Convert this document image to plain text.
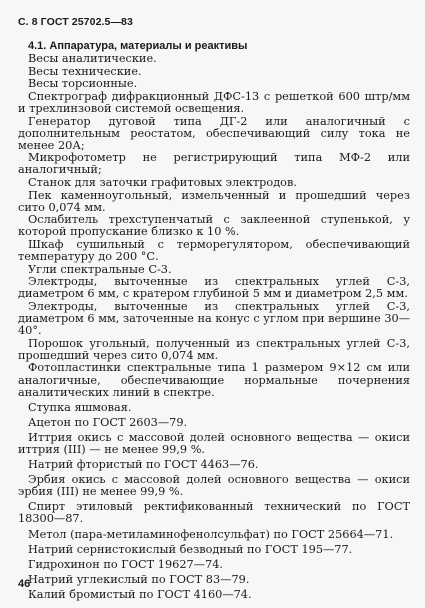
С. 8 ГОСТ 25702.5—83

4.1. Аппаратура, материалы и реактивы

Весы аналитические.

Весы технические.

Весы торсионные.

Спектрограф дифракционный ДФС-13 с решеткой 600 штр/мм и трехлинзовой системой освещения.

Генератор дуговой типа ДГ-2 или аналогичный с дополнительным реостатом, обеспечивающий силу тока не менее 20А;

Микрофотометр не регистрирующий типа МФ-2 или аналогичный;

Станок для заточки графитовых электродов.

Пек каменноугольный, измельченный и прошедший через сито 0,074 мм.

Ослабитель трехступенчатый с заклеенной ступенькой, у которой пропускание близко к 10 %.

Шкаф сушильный с терморегулятором, обеспечивающий температуру до 200 °С.

Угли спектральные С-3.

Электроды, выточенные из спектральных углей С-3, диаметром 6 мм, с кратером глубиной 5 мм и диаметром 2,5 мм.

Электроды, выточенные из спектральных углей С-3, диаметром 6 мм, заточенные на конус с углом при вершине 30—40°.

Порошок угольный, полученный из спектральных углей С-3, прошедший через сито 0,074 мм.

Фотопластинки спектральные типа 1 размером 9×12 см или аналогичные, обеспечивающие нормальные почернения аналитических линий в спектре.

Ступка яшмовая.

Ацетон по ГОСТ 2603—79.

Иттрия окись с массовой долей основного вещества — окиси иттрия (III) — не менее 99,9 %.

Натрий фтористый по ГОСТ 4463—76.

Эрбия окись с массовой долей основного вещества — окиси эрбия (III) не менее 99,9 %.

Спирт этиловый ректификованный технический по ГОСТ 18300—87.

Метол (пара-метиламинофенолсульфат) по ГОСТ 25664—71.

Натрий сернистокислый безводный по ГОСТ 195—77.

Гидрохинон по ГОСТ 19627—74.

Натрий углекислый по ГОСТ 83—79.

Калий бромистый по ГОСТ 4160—74.

46
